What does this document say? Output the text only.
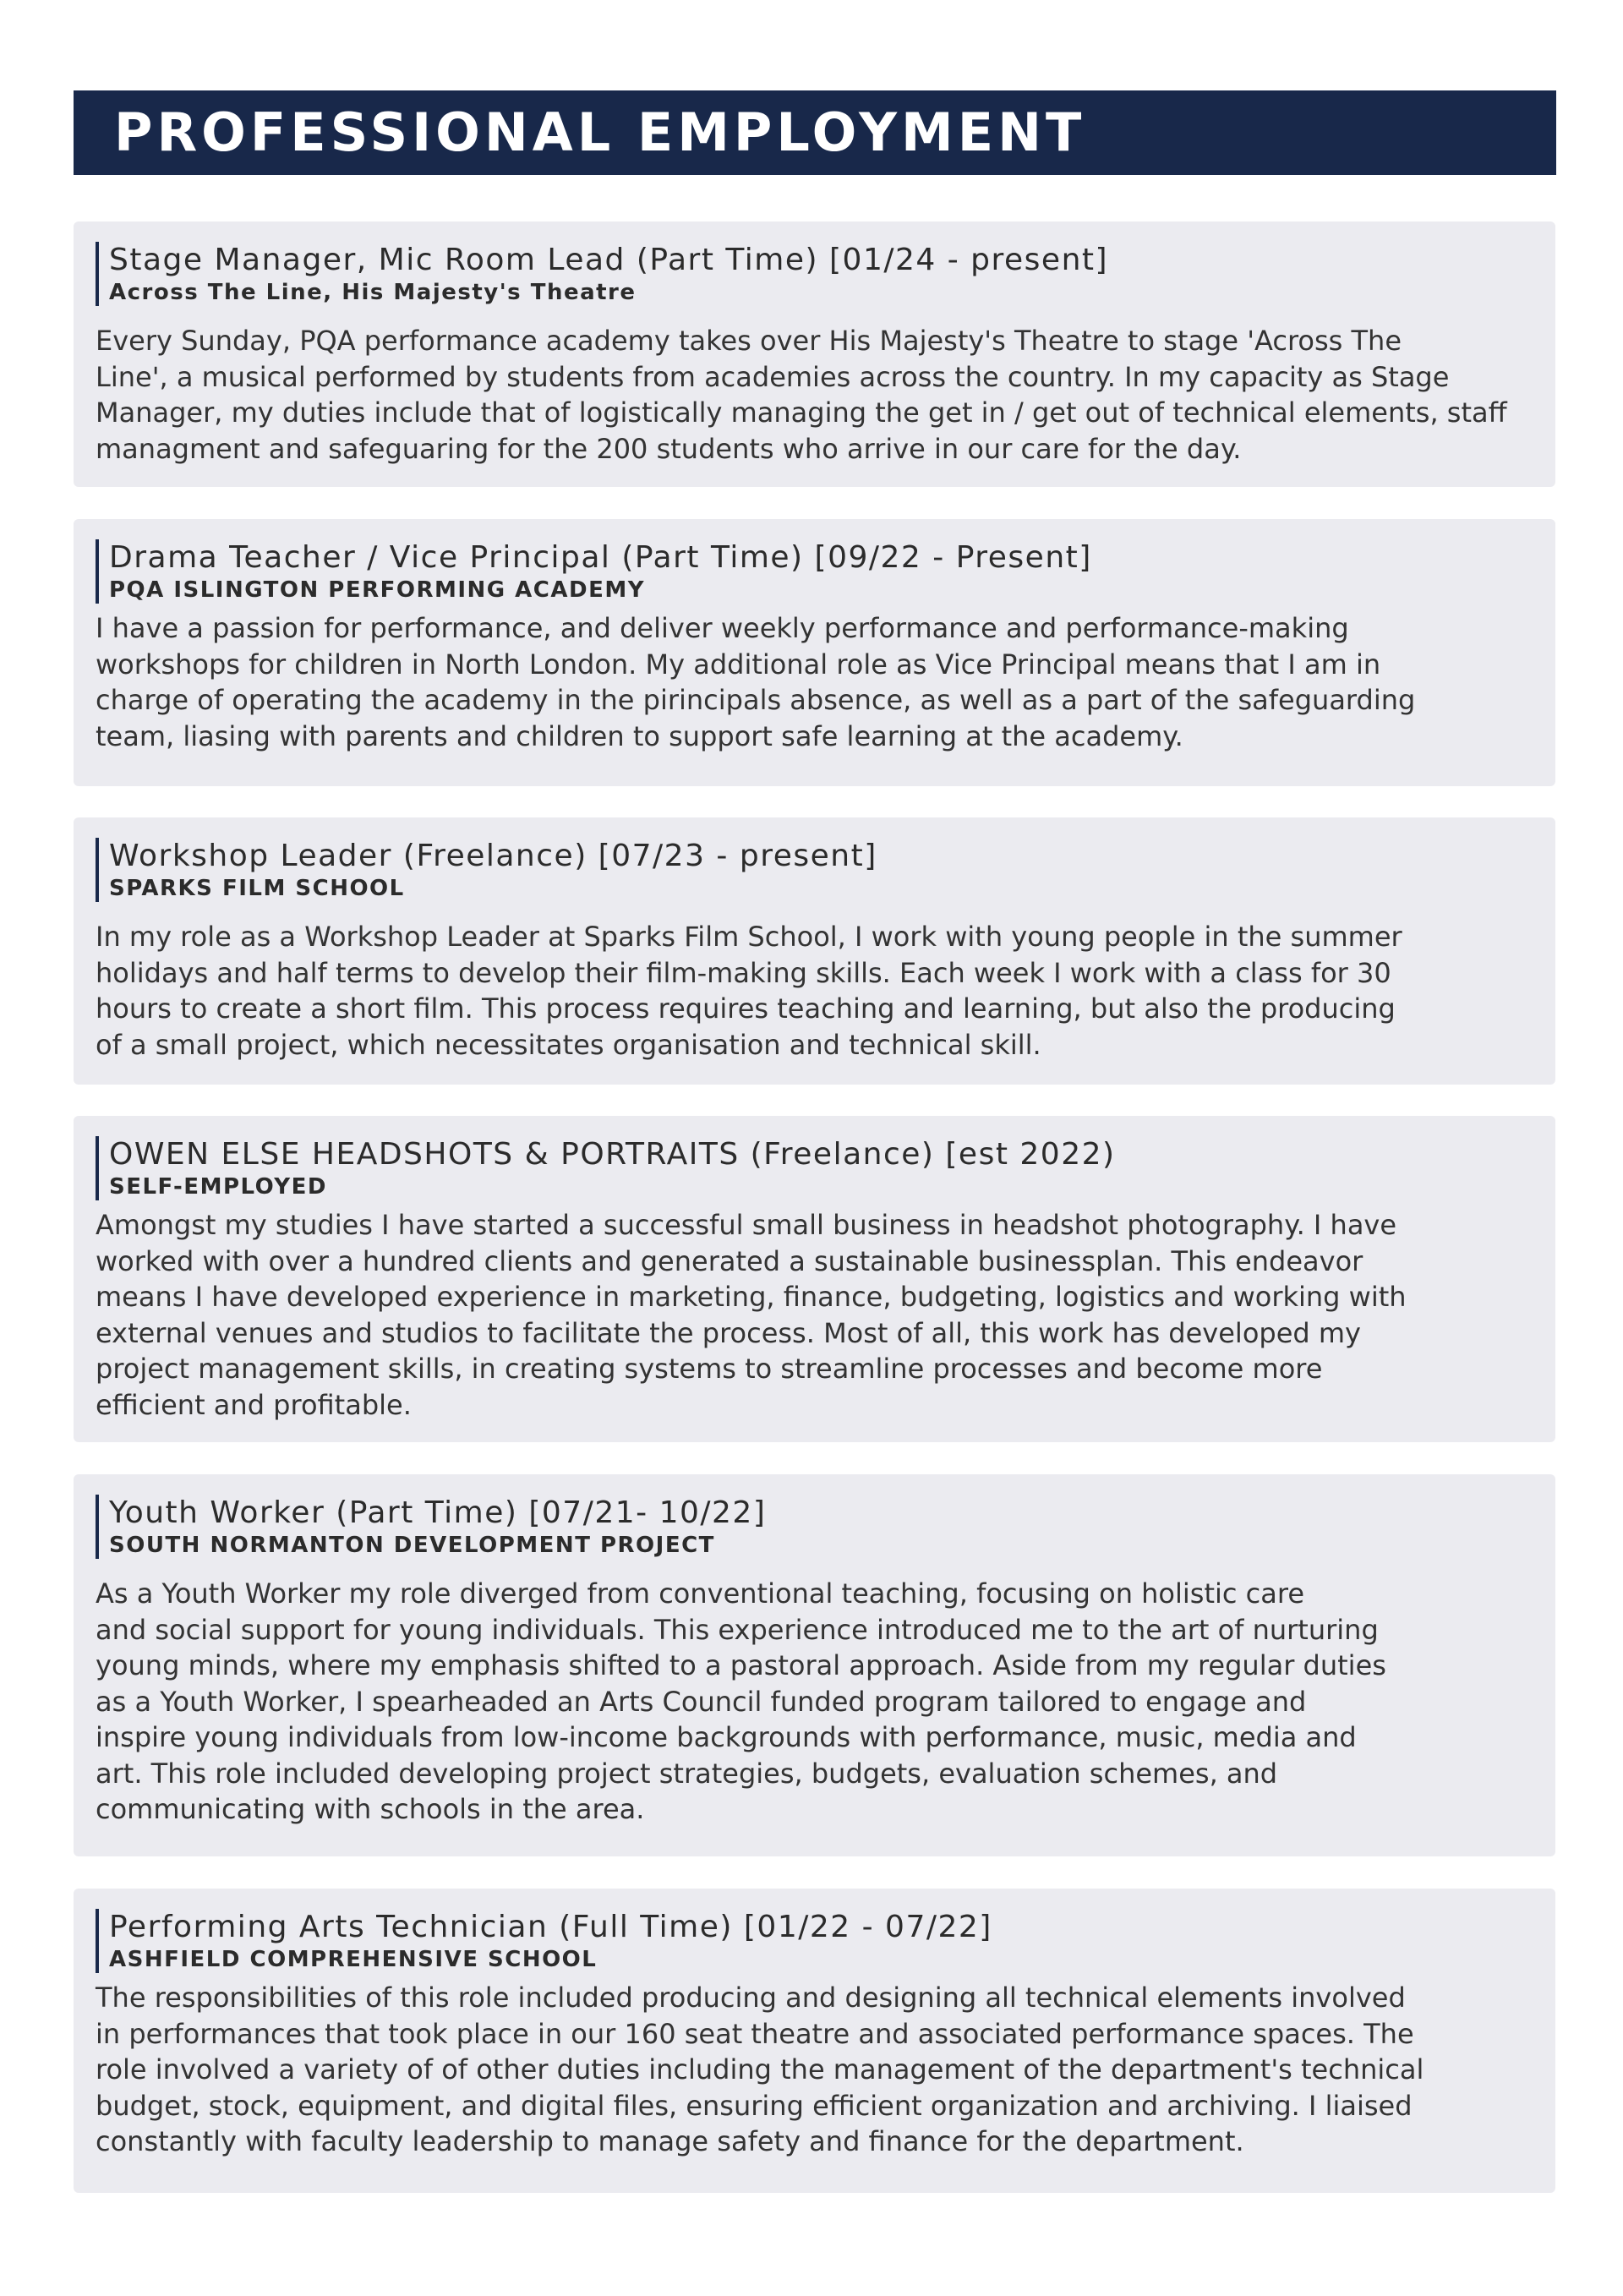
PROFESSIONAL EMPLOYMENT
Stage Manager, Mic Room Lead (Part Time) [01/24 - present]
Across The Line, His Majesty's Theatre
Every Sunday, PQA performance academy takes over His Majesty's Theatre to stage 'Across The
Line', a musical performed by students from academies across the country. In my capacity as Stage
Manager, my duties include that of logistically managing the get in / get out of technical elements, staff
managment and safeguaring for the 200 students who arrive in our care for the day.
Drama Teacher / Vice Principal (Part Time) [09/22 - Present]
PQA ISLINGTON PERFORMING ACADEMY
I have a passion for performance, and deliver weekly performance and performance-making
workshops for children in North London. My additional role as Vice Principal means that I am in
charge of operating the academy in the pirincipals absence, as well as a part of the safeguarding
team, liasing with parents and children to support safe learning at the academy.
Workshop Leader (Freelance) [07/23 - present]
SPARKS FILM SCHOOL
In my role as a Workshop Leader at Sparks Film School, I work with young people in the summer
holidays and half terms to develop their film-making skills. Each week I work with a class for 30
hours to create a short film. This process requires teaching and learning, but also the producing
of a small project, which necessitates organisation and technical skill.
OWEN ELSE HEADSHOTS & PORTRAITS (Freelance) [est 2022)
SELF-EMPLOYED
Amongst my studies I have started a successful small business in headshot photography. I have
worked with over a hundred clients and generated a sustainable businessplan. This endeavor
means I have developed experience in marketing, finance, budgeting, logistics and working with
external venues and studios to facilitate the process. Most of all, this work has developed my
project management skills, in creating systems to streamline processes and become more
efficient and profitable.
Youth Worker (Part Time) [07/21- 10/22]
SOUTH NORMANTON DEVELOPMENT PROJECT
As a Youth Worker my role diverged from conventional teaching, focusing on holistic care
and social support for young individuals. This experience introduced me to the art of nurturing
young minds, where my emphasis shifted to a pastoral approach. Aside from my regular duties
as a Youth Worker, I spearheaded an Arts Council funded program tailored to engage and
inspire young individuals from low-income backgrounds with performance, music, media and
art. This role included developing project strategies, budgets, evaluation schemes, and
communicating with schools in the area.
Performing Arts Technician (Full Time) [01/22 - 07/22]
ASHFIELD COMPREHENSIVE SCHOOL
The responsibilities of this role included producing and designing all technical elements involved
in performances that took place in our 160 seat theatre and associated performance spaces. The
role involved a variety of of other duties including the management of the department's technical
budget, stock, equipment, and digital files, ensuring efficient organization and archiving. I liaised
constantly with faculty leadership to manage safety and finance for the department.
